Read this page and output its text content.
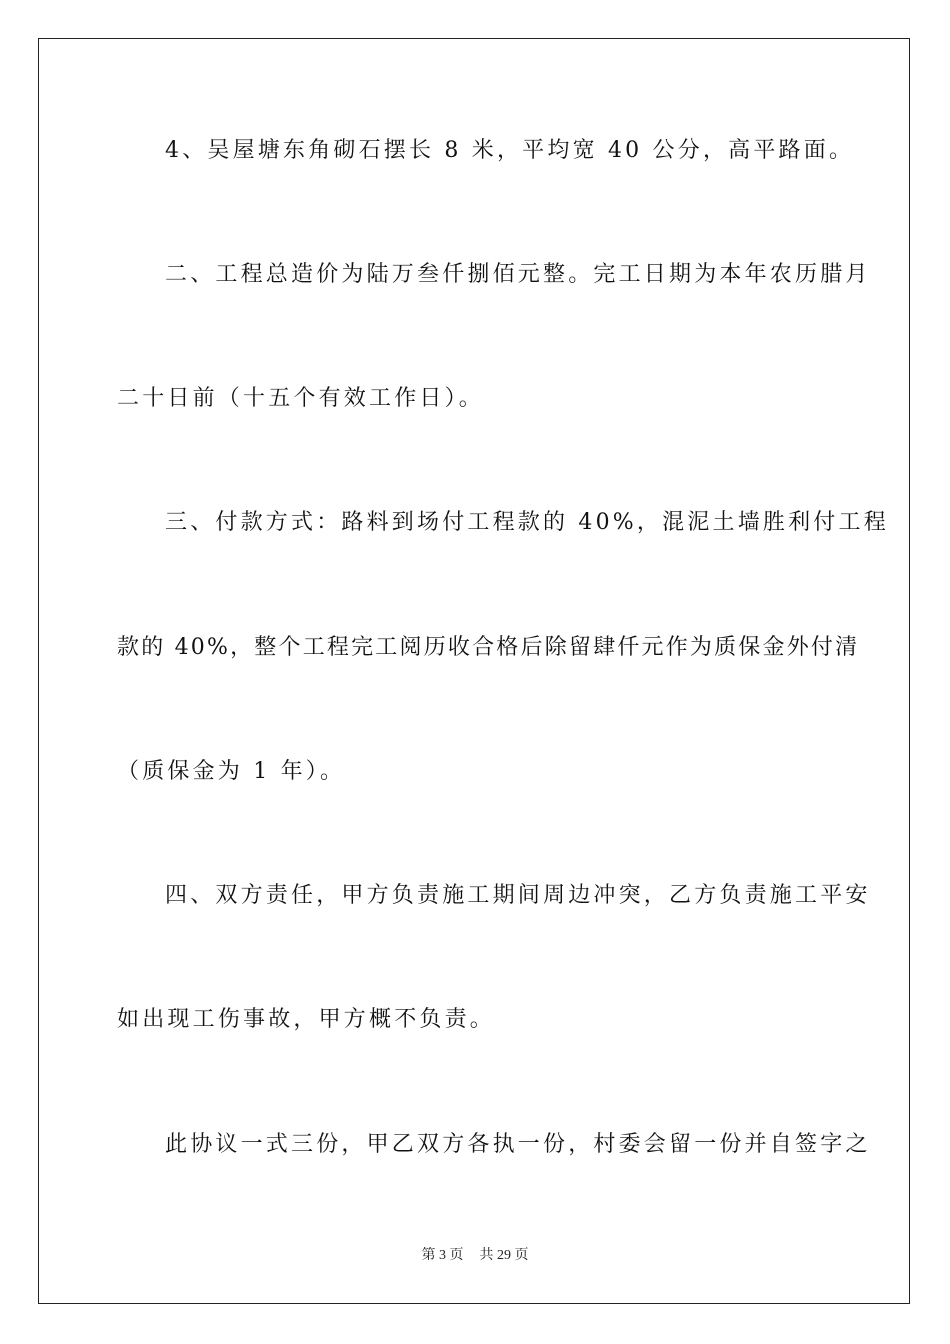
4、吴屋塘东角砌石摆长 8 米，平均宽 40 公分，高平路面。
二、工程总造价为陆万叁仟捌佰元整。完工日期为本年农历腊月
二十日前（十五个有效工作日）。
三、付款方式：路料到场付工程款的 40%，混泥土墙胜利付工程
款的 40%，整个工程完工阅历收合格后除留肆仟元作为质保金外付清
（质保金为 1 年）。
四、双方责任，甲方负责施工期间周边冲突，乙方负责施工平安
如出现工伤事故，甲方概不负责。
此协议一式三份，甲乙双方各执一份，村委会留一份并自签字之
第 3 页 共 29 页
